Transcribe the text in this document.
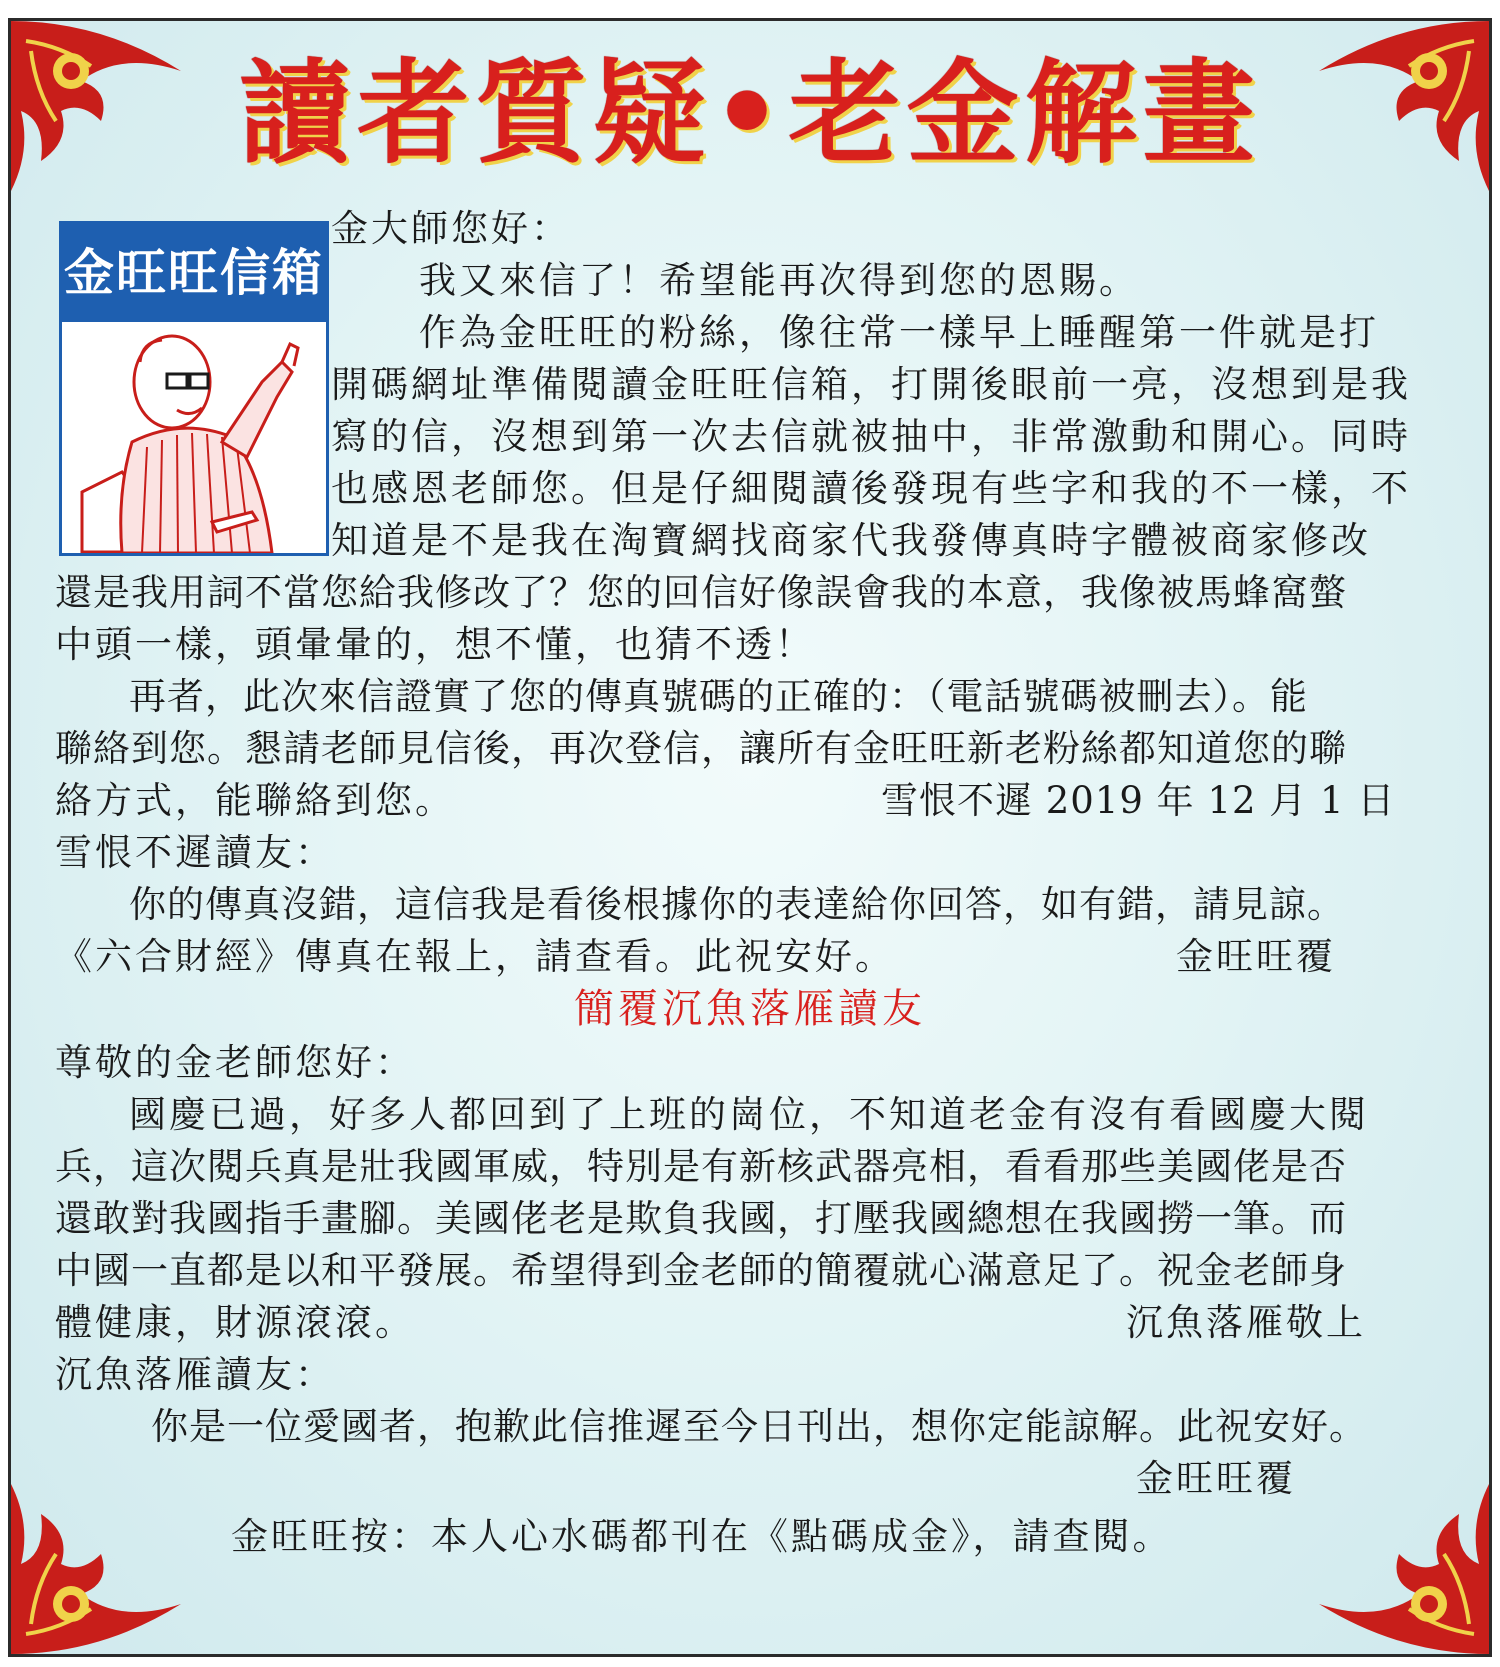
讀者質疑•老金解畫
金旺旺信箱
金大師您好：
我又來信了！希望能再次得到您的恩賜。
作為金旺旺的粉絲，像往常一樣早上睡醒第一件就是打
開碼網址準備閱讀金旺旺信箱，打開後眼前一亮，沒想到是我
寫的信，沒想到第一次去信就被抽中，非常激動和開心。同時
也感恩老師您。但是仔細閱讀後發現有些字和我的不一樣，不
知道是不是我在淘寶網找商家代我發傳真時字體被商家修改
還是我用詞不當您給我修改了？您的回信好像誤會我的本意，我像被馬蜂窩螫
中頭一樣，頭暈暈的，想不懂，也猜不透！
再者，此次來信證實了您的傳真號碼的正確的：（電話號碼被刪去）。能
聯絡到您。懇請老師見信後，再次登信，讓所有金旺旺新老粉絲都知道您的聯
絡方式，能聯絡到您。	雪恨不遲 2019 年 12 月 1 日
雪恨不遲讀友：
你的傳真沒錯，這信我是看後根據你的表達給你回答，如有錯，請見諒。
《六合財經》傳真在報上，請查看。此祝安好。	金旺旺覆
簡覆沉魚落雁讀友
尊敬的金老師您好：
國慶已過，好多人都回到了上班的崗位，不知道老金有沒有看國慶大閱
兵，這次閱兵真是壯我國軍威，特別是有新核武器亮相，看看那些美國佬是否
還敢對我國指手畫腳。美國佬老是欺負我國，打壓我國總想在我國撈一筆。而
中國一直都是以和平發展。希望得到金老師的簡覆就心滿意足了。祝金老師身
體健康，財源滾滾。	沉魚落雁敬上
沉魚落雁讀友：
你是一位愛國者，抱歉此信推遲至今日刊出，想你定能諒解。此祝安好。
金旺旺覆
金旺旺按：本人心水碼都刊在《點碼成金》，請查閱。
